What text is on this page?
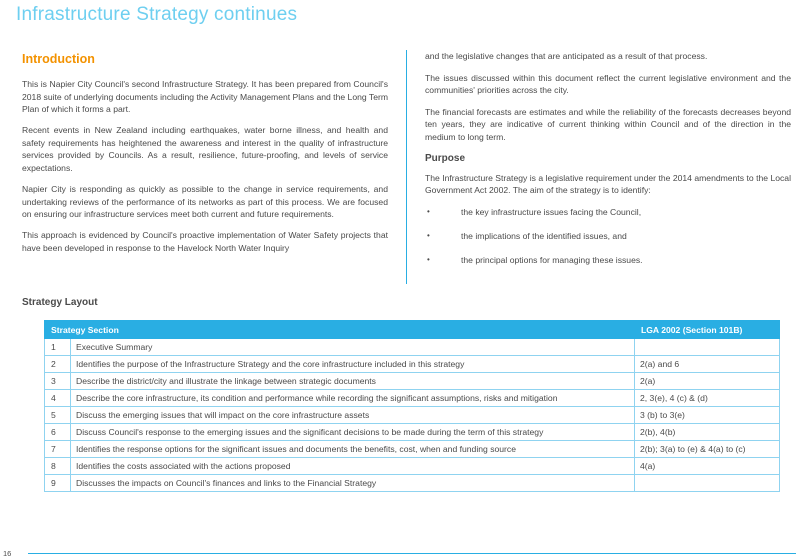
Infrastructure Strategy continues
Introduction

This is Napier City Council's second Infrastructure Strategy. It has been prepared from Council's 2018 suite of underlying documents including the Activity Management Plans and the Long Term Plan of which it forms a part.

Recent events in New Zealand including earthquakes, water borne illness, and health and safety requirements has heightened the awareness and interest in the quality of infrastructure services provided by Councils. As a result, resilience, future-proofing, and levels of service expectations.

Napier City is responding as quickly as possible to the change in service requirements, and undertaking reviews of the performance of its networks as part of this process. We are focused on ensuring our infrastructure services meet both current and future requirements.

This approach is evidenced by Council's proactive implementation of Water Safety projects that have been developed in response to the Havelock North Water Inquiry

and the legislative changes that are anticipated as a result of that process.

The issues discussed within this document reflect the current legislative environment and the communities' priorities across the city.

The financial forecasts are estimates and while the reliability of the forecasts decreases beyond ten years, they are indicative of current thinking within Council and of the direction in the medium to long term.

Purpose

The Infrastructure Strategy is a legislative requirement under the 2014 amendments to the Local Government Act 2002. The aim of the strategy is to identify:

•	the key infrastructure issues facing the Council,
•	the implications of the identified issues, and
•	the principal options for managing these issues.
Strategy Layout
Strategy Section		LGA 2002 (Section 101B)
1	Executive Summary	
2	Identifies the purpose of the Infrastructure Strategy and the core infrastructure included in this strategy	2(a) and 6
3	Describe the district/city and illustrate the linkage between strategic documents	2(a)
4	Describe the core infrastructure, its condition and performance while recording the significant assumptions, risks and mitigation	2, 3(e), 4 (c) & (d)
5	Discuss the emerging issues that will impact on the core infrastructure assets	3 (b) to 3(e)
6	Discuss Council's response to the emerging issues and the significant decisions to be made during the term of this strategy	2(b), 4(b)
7	Identifies the response options for the significant issues and documents the benefits, cost, when and funding source	2(b); 3(a) to (e) & 4(a) to (c)
8	Identifies the costs associated with the actions proposed	4(a)
9	Discusses the impacts on Council's finances and links to the Financial Strategy	
16
